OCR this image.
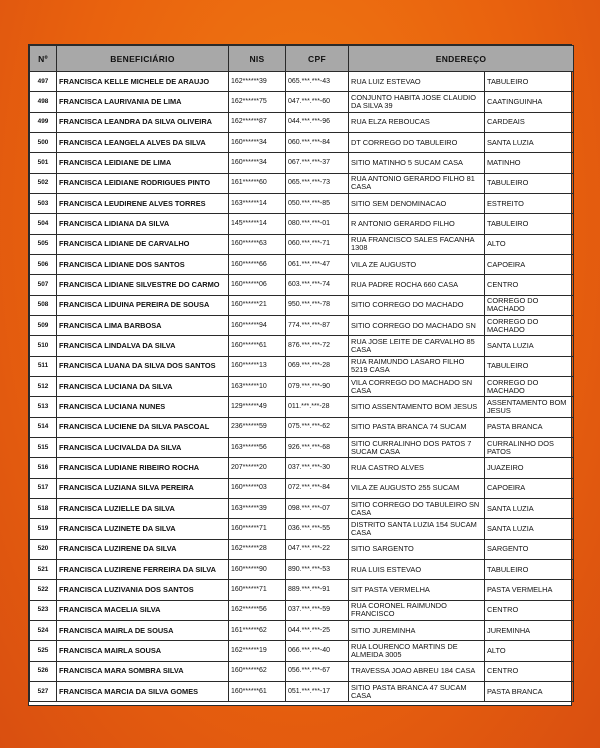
Nº	BENEFICIÁRIO	NIS	CPF	ENDEREÇO	
497	FRANCISCA KELLE MICHELE DE ARAUJO	162******39	065.***.***-43	RUA LUIZ ESTEVAO	TABULEIRO
498	FRANCISCA LAURIVANIA DE LIMA	162******75	047.***.***-60	CONJUNTO HABITA JOSE CLAUDIO DA SILVA 39	CAATINGUINHA
499	FRANCISCA LEANDRA DA SILVA OLIVEIRA	162******87	044.***.***-96	RUA ELZA REBOUCAS	CARDEAIS
500	FRANCISCA LEANGELA ALVES DA SILVA	160******34	060.***.***-84	DT CORREGO DO TABULEIRO	SANTA LUZIA
501	FRANCISCA LEIDIANE DE LIMA	160******34	067.***.***-37	SITIO MATINHO 5 SUCAM CASA	MATINHO
502	FRANCISCA LEIDIANE RODRIGUES PINTO	161******60	065.***.***-73	RUA ANTONIO GERARDO FILHO 81 CASA	TABULEIRO
503	FRANCISCA LEUDIRENE ALVES TORRES	163******14	050.***.***-85	SITIO SEM DENOMINACAO	ESTREITO
504	FRANCISCA LIDIANA DA SILVA	145******14	080.***.***-01	R ANTONIO GERARDO FILHO	TABULEIRO
505	FRANCISCA LIDIANE DE CARVALHO	160******63	060.***.***-71	RUA FRANCISCO SALES FACANHA 1308	ALTO
506	FRANCISCA LIDIANE DOS SANTOS	160******66	061.***.***-47	VILA ZE AUGUSTO	CAPOEIRA
507	FRANCISCA LIDIANE SILVESTRE DO CARMO	160******06	603.***.***-74	RUA PADRE ROCHA 660 CASA	CENTRO
508	FRANCISCA LIDUINA PEREIRA DE SOUSA	160******21	950.***.***-78	SITIO CORREGO DO MACHADO	CORREGO DO MACHADO
509	FRANCISCA LIMA BARBOSA	160******94	774.***.***-87	SITIO CORREGO DO MACHADO SN	CORREGO DO MACHADO
510	FRANCISCA LINDALVA DA SILVA	160******61	876.***.***-72	RUA JOSE LEITE DE CARVALHO 85 CASA	SANTA LUZIA
511	FRANCISCA LUANA DA SILVA DOS SANTOS	160******13	069.***.***-28	RUA RAIMUNDO LASARO FILHO 5219 CASA	TABULEIRO
512	FRANCISCA LUCIANA DA SILVA	163******10	079.***.***-90	VILA CORREGO DO MACHADO SN CASA	CORREGO DO MACHADO
513	FRANCISCA LUCIANA NUNES	129******49	011.***.***-28	SITIO ASSENTAMENTO BOM JESUS	ASSENTAMENTO BOM JESUS
514	FRANCISCA LUCIENE DA SILVA PASCOAL	236******59	075.***.***-62	SITIO PASTA BRANCA 74 SUCAM	PASTA BRANCA
515	FRANCISCA LUCIVALDA DA SILVA	163******56	926.***.***-68	SITIO CURRALINHO DOS PATOS 7 SUCAM CASA	CURRALINHO DOS PATOS
516	FRANCISCA LUDIANE RIBEIRO ROCHA	207******20	037.***.***-30	RUA CASTRO ALVES	JUAZEIRO
517	FRANCISCA LUZIANA SILVA PEREIRA	160******03	072.***.***-84	VILA ZE AUGUSTO 255 SUCAM	CAPOEIRA
518	FRANCISCA LUZIELLE DA SILVA	163******39	098.***.***-07	SITIO CORREGO DO TABULEIRO SN CASA	SANTA LUZIA
519	FRANCISCA LUZINETE DA SILVA	160******71	036.***.***-55	DISTRITO SANTA LUZIA 154 SUCAM CASA	SANTA LUZIA
520	FRANCISCA LUZIRENE DA SILVA	162******28	047.***.***-22	SITIO SARGENTO	SARGENTO
521	FRANCISCA LUZIRENE FERREIRA DA SILVA	160******90	890.***.***-53	RUA LUIS ESTEVAO	TABULEIRO
522	FRANCISCA LUZIVANIA DOS SANTOS	160******71	889.***.***-91	SIT PASTA VERMELHA	PASTA VERMELHA
523	FRANCISCA MACELIA SILVA	162******56	037.***.***-59	RUA CORONEL RAIMUNDO FRANCISCO	CENTRO
524	FRANCISCA MAIRLA DE SOUSA	161******62	044.***.***-25	SITIO JUREMINHA	JUREMINHA
525	FRANCISCA MAIRLA SOUSA	162******19	066.***.***-40	RUA LOURENCO MARTINS DE ALMEIDA 3005	ALTO
526	FRANCISCA MARA SOMBRA SILVA	160******62	056.***.***-67	TRAVESSA JOAO ABREU 184 CASA	CENTRO
527	FRANCISCA MARCIA DA SILVA GOMES	160******61	051.***.***-17	SITIO PASTA BRANCA 47 SUCAM CASA	PASTA BRANCA
